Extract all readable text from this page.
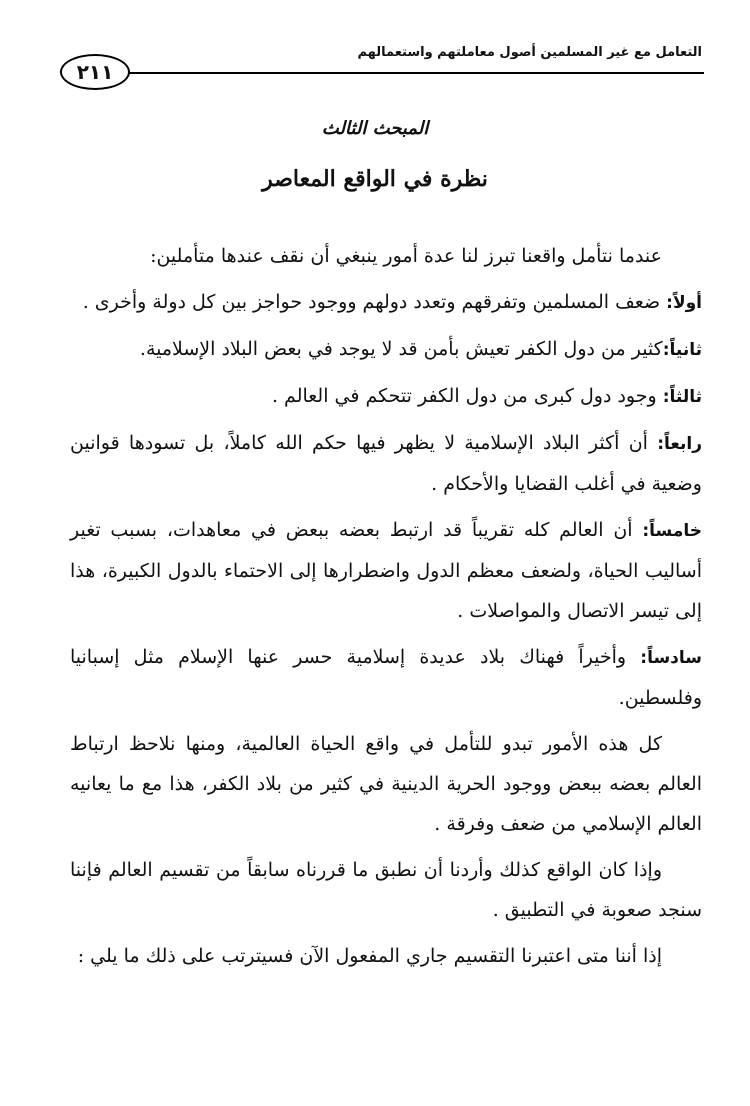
التعامل مع غير المسلمين أصول معاملتهم واستعمالهم
٢١١
المبحث الثالث
نظرة في الواقع المعاصر

عندما نتأمل واقعنا تبرز لنا عدة أمور ينبغي أن نقف عندها متأملين:

أولاً: ضعف المسلمين وتفرقهم وتعدد دولهم ووجود حواجز بين كل دولة وأخرى .

ثانياً:كثير من دول الكفر تعيش بأمن قد لا يوجد في بعض البلاد الإسلامية.

ثالثاً: وجود دول كبرى من دول الكفر تتحكم في العالم .

رابعاً: أن أكثر البلاد الإسلامية لا يظهر فيها حكم الله كاملاً، بل تسودها قوانين وضعية في أغلب القضايا والأحكام .

خامساً: أن العالم كله تقريباً قد ارتبط بعضه ببعض في معاهدات، بسبب تغير أساليب الحياة، ولضعف معظم الدول واضطرارها إلى الاحتماء بالدول الكبيرة، هذا إلى تيسر الاتصال والمواصلات .

سادساً: وأخيراً فهناك بلاد عديدة إسلامية حسر عنها الإسلام مثل إسبانيا وفلسطين.

كل هذه الأمور تبدو للتأمل في واقع الحياة العالمية، ومنها نلاحظ ارتباط العالم بعضه ببعض ووجود الحرية الدينية في كثير من بلاد الكفر، هذا مع ما يعانيه العالم الإسلامي من ضعف وفرقة .

وإذا كان الواقع كذلك وأردنا أن نطبق ما قررناه سابقاً من تقسيم العالم فإننا سنجد صعوبة في التطبيق .

إذا أننا متى اعتبرنا التقسيم جاري المفعول الآن فسيترتب على ذلك ما يلي :
